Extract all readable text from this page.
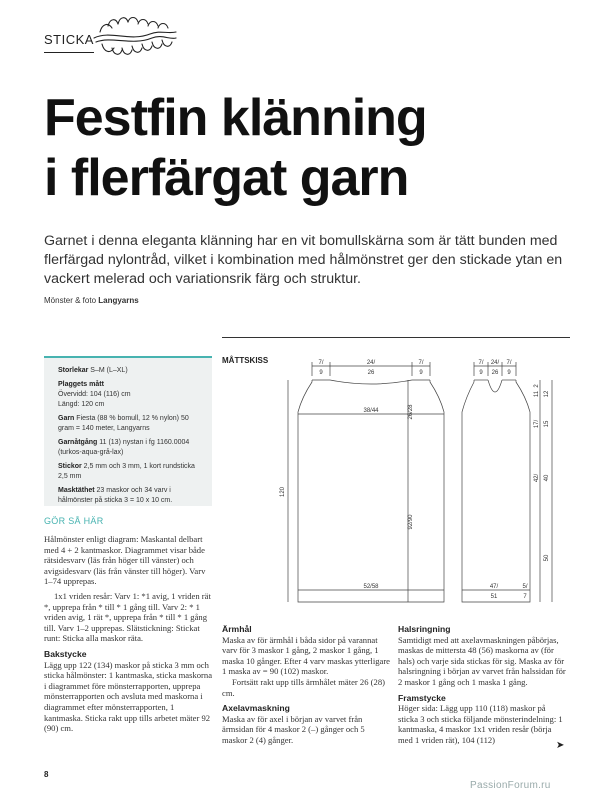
STICKA
Festfin klänning
i flerfärgat garn
Garnet i denna eleganta klänning har en vit bomullskärna som är tätt bunden med flerfärgad nylontråd, vilket i kombination med hålmönstret ger den stickade ytan en vackert melerad och variationsrik färg och struktur.
Mönster & foto Langyarns

Storlekar S–M (L–XL)

Plaggets mått
Övervidd: 104 (116) cm
Längd: 120 cm

Garn Fiesta (88 % bomull, 12 % nylon) 50 gram = 140 meter, Langyarns

Garnåtgång 11 (13) nystan i fg 1160.0004 (turkos-aqua-grå-lax)

Stickor 2,5 mm och 3 mm, 1 kort rundsticka 2,5 mm

Masktäthet 23 maskor och 34 varv i hålmönster på sticka 3 = 10 x 10 cm.

GÖR SÅ HÄR

Hålmönster enligt diagram: Maskantal delbart med 4 + 2 kantmaskor. Diagrammet visar både rätsidesvarv (läs från höger till vänster) och avigsidesvarv (läs från vänster till höger). Varv 1–74 upprepas.

1x1 vriden resår: Varv 1: *1 avig, 1 vriden rät *, upprepa från * till * 1 gång till. Varv 2: * 1 vriden avig, 1 rät *, upprepa från * till * 1 gång till. Varv 1–2 upprepas. Slätstickning: Stickat runt: Sticka alla maskor räta.

Bakstycke

Lägg upp 122 (134) maskor på sticka 3 mm och sticka hålmönster: 1 kantmaska, sticka maskorna i diagrammet före mönsterrapporten, upprepa mönsterrapporten och avsluta med maskorna i diagrammet efter mönsterrapporten, 1 kantmaska. Sticka rakt upp tills arbetet mäter 92 (90) cm.

Ärmhål

Maska av för ärmhål i båda sidor på varannat varv för 3 maskor 1 gång, 2 maskor 1 gång, 1 maska 10 gånger. Efter 4 varv maskas ytterligare 1 maska av = 90 (102) maskor.

Fortsätt rakt upp tills ärmhålet mäter 26 (28) cm.

Axelavmaskning

Maska av för axel i början av varvet från ärmsidan för 4 maskor 2 (–) gånger och 5 maskor 2 (4) gånger.

Halsringning

Samtidigt med att axelavmaskningen påbörjas, maskas de mittersta 48 (56) maskorna av (för hals) och varje sida stickas för sig. Maska av för halsringning i början av varvet från halssidan för 2 maskor 1 gång och 1 maska 1 gång.

Framstycke

Höger sida: Lägg upp 110 (118) maskor på sticka 3 och sticka följande mönsterindelning: 1 kantmaska, 4 maskor 1x1 vriden resår (börja med 1 vriden rät), 104 (112)

MÅTTSKISS	7/	24/	7/
9	26	9
7/ 24/ 7/
9 26 9
38/44
52/58	47/
51
5/
7
120
26/28
92/90
2
11 12
17/ 15
42/ 40
50
➤
8
PassionForum.ru
